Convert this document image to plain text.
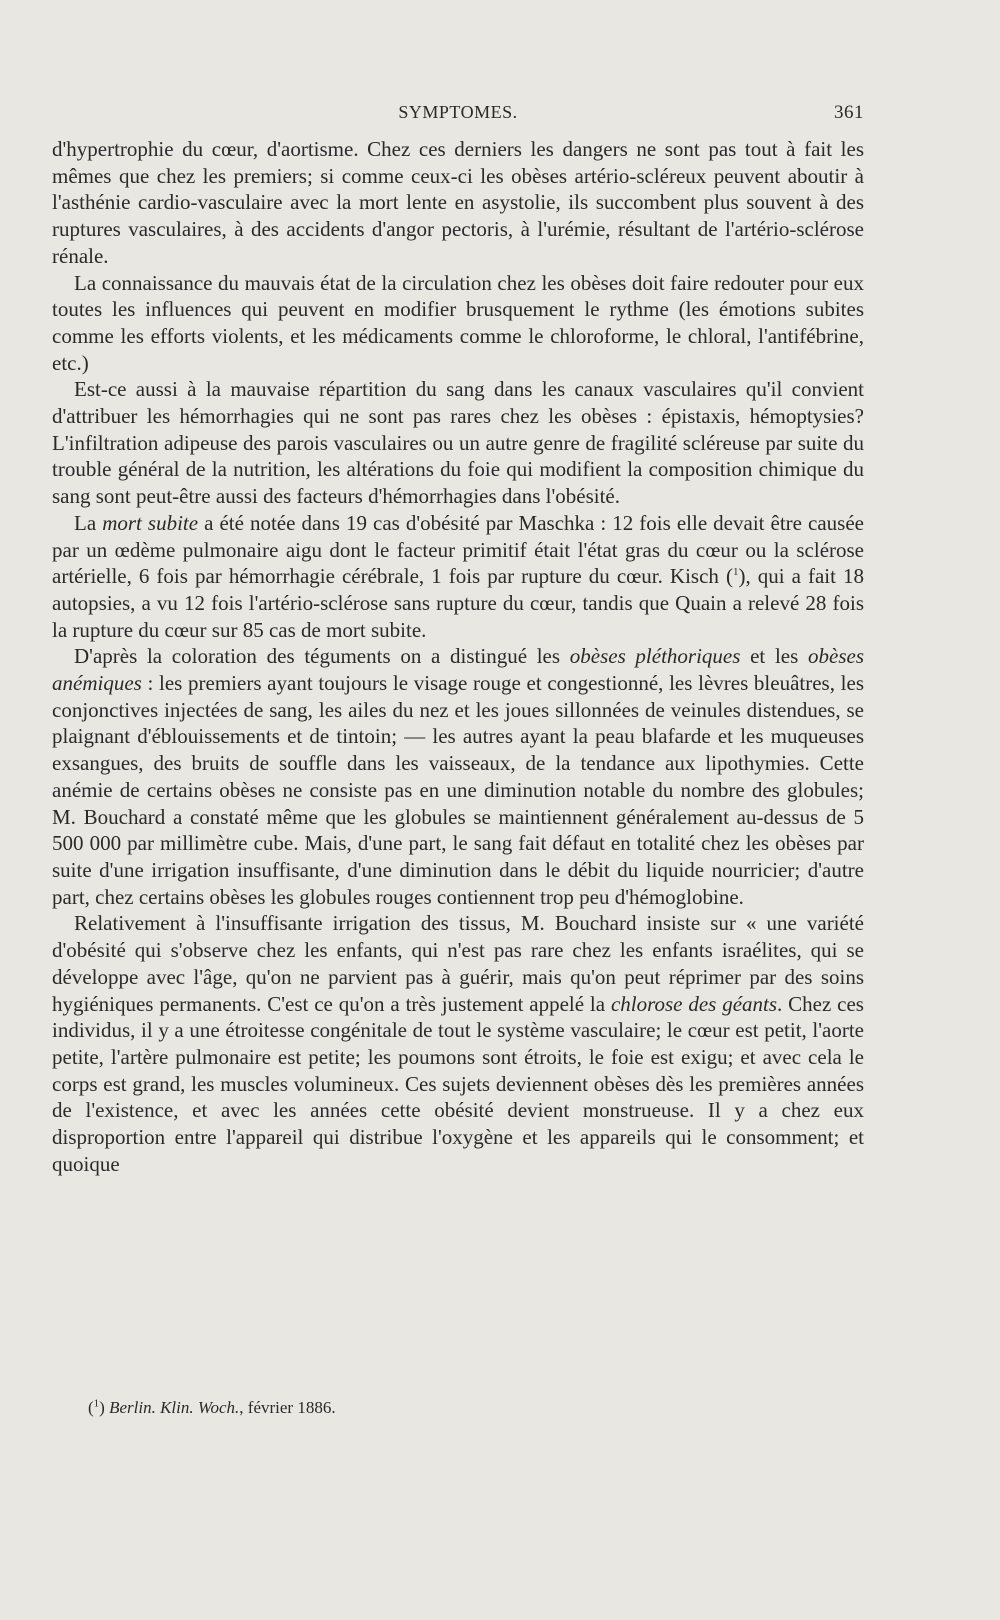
SYMPTOMES.	361

d'hypertrophie du cœur, d'aortisme. Chez ces derniers les dangers ne sont pas tout à fait les mêmes que chez les premiers; si comme ceux-ci les obèses artério-scléreux peuvent aboutir à l'asthénie cardio-vasculaire avec la mort lente en asystolie, ils succombent plus souvent à des ruptures vasculaires, à des accidents d'angor pectoris, à l'urémie, résultant de l'artério-sclérose rénale.

La connaissance du mauvais état de la circulation chez les obèses doit faire redouter pour eux toutes les influences qui peuvent en modifier brusquement le rythme (les émotions subites comme les efforts violents, et les médicaments comme le chloroforme, le chloral, l'antifébrine, etc.)

Est-ce aussi à la mauvaise répartition du sang dans les canaux vasculaires qu'il convient d'attribuer les hémorrhagies qui ne sont pas rares chez les obèses : épistaxis, hémoptysies? L'infiltration adipeuse des parois vasculaires ou un autre genre de fragilité scléreuse par suite du trouble général de la nutrition, les altérations du foie qui modifient la composition chimique du sang sont peut-être aussi des facteurs d'hémorrhagies dans l'obésité.

La mort subite a été notée dans 19 cas d'obésité par Maschka : 12 fois elle devait être causée par un œdème pulmonaire aigu dont le facteur primitif était l'état gras du cœur ou la sclérose artérielle, 6 fois par hémorrhagie cérébrale, 1 fois par rupture du cœur. Kisch ($^1$), qui a fait 18 autopsies, a vu 12 fois l'artério-sclérose sans rupture du cœur, tandis que Quain a relevé 28 fois la rupture du cœur sur 85 cas de mort subite.

D'après la coloration des téguments on a distingué les obèses pléthoriques et les obèses anémiques : les premiers ayant toujours le visage rouge et congestionné, les lèvres bleuâtres, les conjonctives injectées de sang, les ailes du nez et les joues sillonnées de veinules distendues, se plaignant d'éblouissements et de tintoin; — les autres ayant la peau blafarde et les muqueuses exsangues, des bruits de souffle dans les vaisseaux, de la tendance aux lipothymies. Cette anémie de certains obèses ne consiste pas en une diminution notable du nombre des globules; M. Bouchard a constaté même que les globules se maintiennent généralement au-dessus de 5 500 000 par millimètre cube. Mais, d'une part, le sang fait défaut en totalité chez les obèses par suite d'une irrigation insuffisante, d'une diminution dans le débit du liquide nourricier; d'autre part, chez certains obèses les globules rouges contiennent trop peu d'hémoglobine.

Relativement à l'insuffisante irrigation des tissus, M. Bouchard insiste sur « une variété d'obésité qui s'observe chez les enfants, qui n'est pas rare chez les enfants israélites, qui se développe avec l'âge, qu'on ne parvient pas à guérir, mais qu'on peut réprimer par des soins hygiéniques permanents. C'est ce qu'on a très justement appelé la chlorose des géants. Chez ces individus, il y a une étroitesse congénitale de tout le système vasculaire; le cœur est petit, l'aorte petite, l'artère pulmonaire est petite; les poumons sont étroits, le foie est exigu; et avec cela le corps est grand, les muscles volumineux. Ces sujets deviennent obèses dès les premières années de l'existence, et avec les années cette obésité devient monstrueuse. Il y a chez eux disproportion entre l'appareil qui distribue l'oxygène et les appareils qui le consomment; et quoique

($^1$) Berlin. Klin. Woch., février 1886.
